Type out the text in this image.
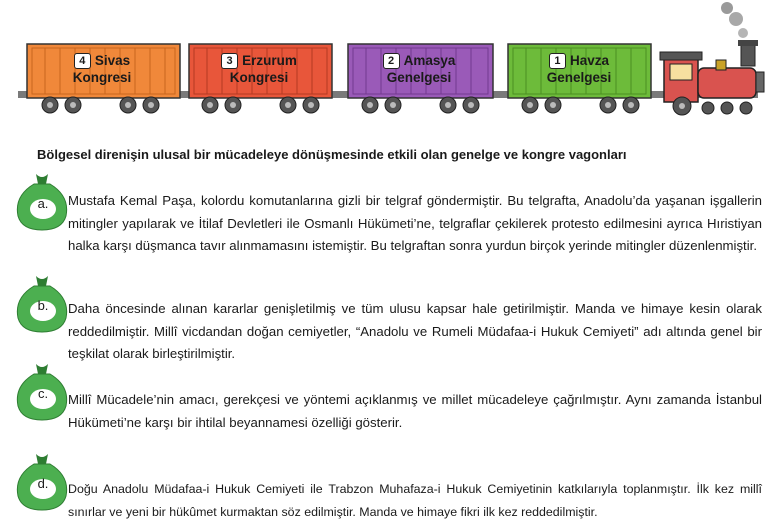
4 Sivas
Kongresi
3 Erzurum
Kongresi
2 Amasya
Genelgesi
1 Havza
Genelgesi
Bölgesel direnişin ulusal bir mücadeleye dönüşmesinde etkili olan genelge ve kongre vagonları
a.	Mustafa Kemal Paşa, kolordu komutanlarına gizli bir telgraf göndermiştir. Bu telgrafta, Anadolu’da yaşanan işgallerin mitingler yapılarak ve İtilaf Devletleri ile Osmanlı Hükümeti’ne, telgraflar çekilerek protesto edilmesini ayrıca Hıristiyan halka karşı düşmanca tavır alınmamasını istemiştir. Bu telgraftan sonra yurdun birçok yerinde mitingler düzenlenmiştir.
b.	Daha öncesinde alınan kararlar genişletilmiş ve tüm ulusu kapsar hale getirilmiştir. Manda ve himaye kesin olarak reddedilmiştir. Millî vicdandan doğan cemiyetler, “Anadolu ve Rumeli Müdafaa-i Hukuk Cemiyeti” adı altında genel bir teşkilat olarak birleştirilmiştir.
c.	Millî Mücadele’nin amacı, gerekçesi ve yöntemi açıklanmış ve millet mücadeleye çağrılmıştır. Aynı zamanda İstanbul Hükümeti’ne karşı bir ihtilal beyannamesi özelliği gösterir.
d.	Doğu Anadolu Müdafaa-i Hukuk Cemiyeti ile Trabzon Muhafaza-i Hukuk Cemiyetinin katkılarıyla toplanmıştır. İlk kez millî sınırlar ve yeni bir hükûmet kurmaktan söz edilmiştir. Manda ve himaye fikri ilk kez reddedilmiştir.
